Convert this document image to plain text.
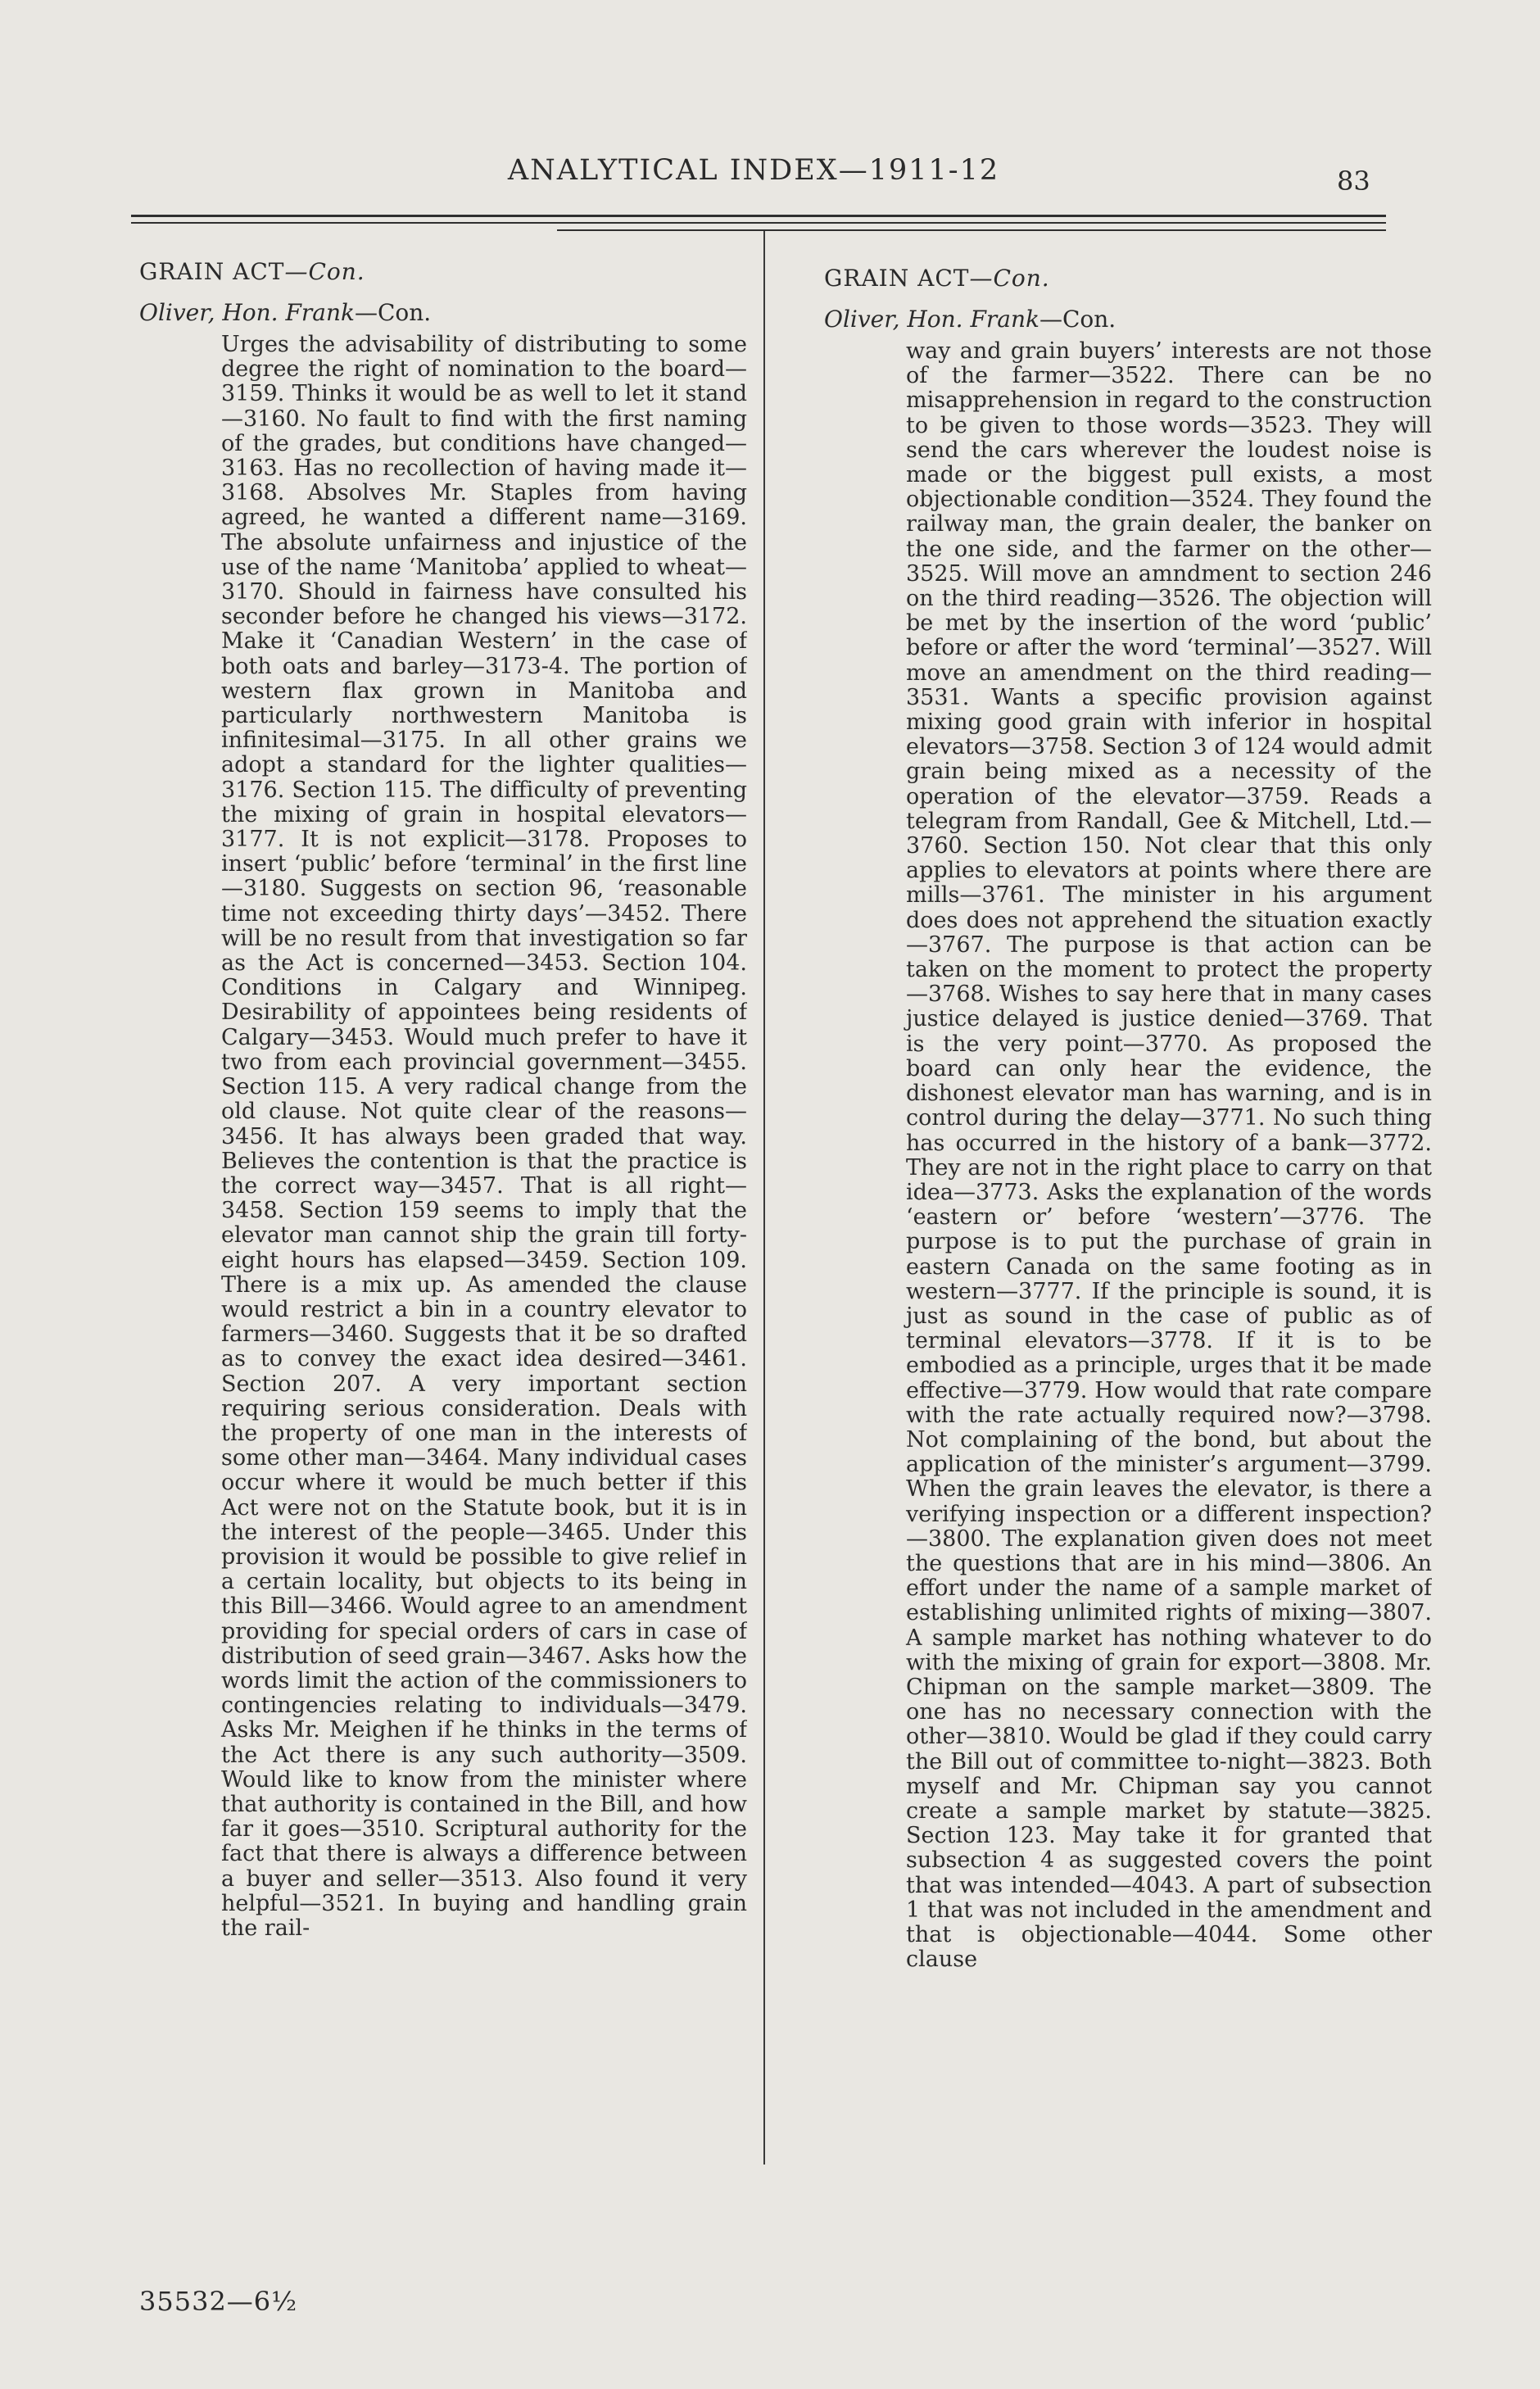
ANALYTICAL INDEX—1911-12	83
GRAIN ACT—Con.
Oliver, Hon. Frank—Con.

Urges the advisability of distributing to some degree the right of nomination to the board—3159. Thinks it would be as well to let it stand—3160. No fault to find with the first naming of the grades, but conditions have changed—3163. Has no recollection of having made it—3168. Absolves Mr. Staples from having agreed, he wanted a different name—3169. The absolute unfairness and injustice of the use of the name ‘Manitoba’ applied to wheat—3170. Should in fairness have consulted his seconder before he changed his views—3172. Make it ‘Canadian Western’ in the case of both oats and barley—3173-4. The portion of western flax grown in Manitoba and particularly northwestern Manitoba is infinitesimal—3175. In all other grains we adopt a standard for the lighter qualities—3176. Section 115. The difficulty of preventing the mixing of grain in hospital elevators—3177. It is not explicit—3178. Proposes to insert ‘public’ before ‘terminal’ in the first line—3180. Suggests on section 96, ‘reasonable time not exceeding thirty days’—3452. There will be no result from that investigation so far as the Act is concerned—3453. Section 104. Conditions in Calgary and Winnipeg. Desirability of appointees being residents of Calgary—3453. Would much prefer to have it two from each provincial government—3455. Section 115. A very radical change from the old clause. Not quite clear of the reasons—3456. It has always been graded that way. Believes the contention is that the practice is the correct way—3457. That is all right—3458. Section 159 seems to imply that the elevator man cannot ship the grain till forty-eight hours has elapsed—3459. Section 109. There is a mix up. As amended the clause would restrict a bin in a country elevator to farmers—3460. Suggests that it be so drafted as to convey the exact idea desired—3461. Section 207. A very important section requiring serious consideration. Deals with the property of one man in the interests of some other man—3464. Many individual cases occur where it would be much better if this Act were not on the Statute book, but it is in the interest of the people—3465. Under this provision it would be possible to give relief in a certain locality, but objects to its being in this Bill—3466. Would agree to an amendment providing for special orders of cars in case of distribution of seed grain—3467. Asks how the words limit the action of the commissioners to contingencies relating to individuals—3479. Asks Mr. Meighen if he thinks in the terms of the Act there is any such authority—3509. Would like to know from the minister where that authority is contained in the Bill, and how far it goes—3510. Scriptural authority for the fact that there is always a difference between a buyer and seller—3513. Also found it very helpful—3521. In buying and handling grain the rail-

GRAIN ACT—Con.
Oliver, Hon. Frank—Con.

way and grain buyers’ interests are not those of the farmer—3522. There can be no misapprehension in regard to the construction to be given to those words—3523. They will send the cars wherever the loudest noise is made or the biggest pull exists, a most objectionable condition—3524. They found the railway man, the grain dealer, the banker on the one side, and the farmer on the other—3525. Will move an amndment to section 246 on the third reading—3526. The objection will be met by the insertion of the word ‘public’ before or after the word ‘terminal’—3527. Will move an amendment on the third reading—3531. Wants a specific provision against mixing good grain with inferior in hospital elevators—3758. Section 3 of 124 would admit grain being mixed as a necessity of the operation of the elevator—3759. Reads a telegram from Randall, Gee & Mitchell, Ltd.—3760. Section 150. Not clear that this only applies to elevators at points where there are mills—3761. The minister in his argument does does not apprehend the situation exactly—3767. The purpose is that action can be taken on the moment to protect the property—3768. Wishes to say here that in many cases justice delayed is justice denied—3769. That is the very point—3770. As proposed the board can only hear the evidence, the dishonest elevator man has warning, and is in control during the delay—3771. No such thing has occurred in the history of a bank—3772. They are not in the right place to carry on that idea—3773. Asks the explanation of the words ‘eastern or’ before ‘western’—3776. The purpose is to put the purchase of grain in eastern Canada on the same footing as in western—3777. If the principle is sound, it is just as sound in the case of public as of terminal elevators—3778. If it is to be embodied as a principle, urges that it be made effective—3779. How would that rate compare with the rate actually required now?—3798. Not complaining of the bond, but about the application of the minister’s argument—3799. When the grain leaves the elevator, is there a verifying inspection or a different inspection?—3800. The explanation given does not meet the questions that are in his mind—3806. An effort under the name of a sample market of establishing unlimited rights of mixing—3807. A sample market has nothing whatever to do with the mixing of grain for export—3808. Mr. Chipman on the sample market—3809. The one has no necessary connection with the other—3810. Would be glad if they could carry the Bill out of committee to-night—3823. Both myself and Mr. Chipman say you cannot create a sample market by statute—3825. Section 123. May take it for granted that subsection 4 as suggested covers the point that was intended—4043. A part of subsection 1 that was not included in the amendment and that is objectionable—4044. Some other clause

35532—6½
